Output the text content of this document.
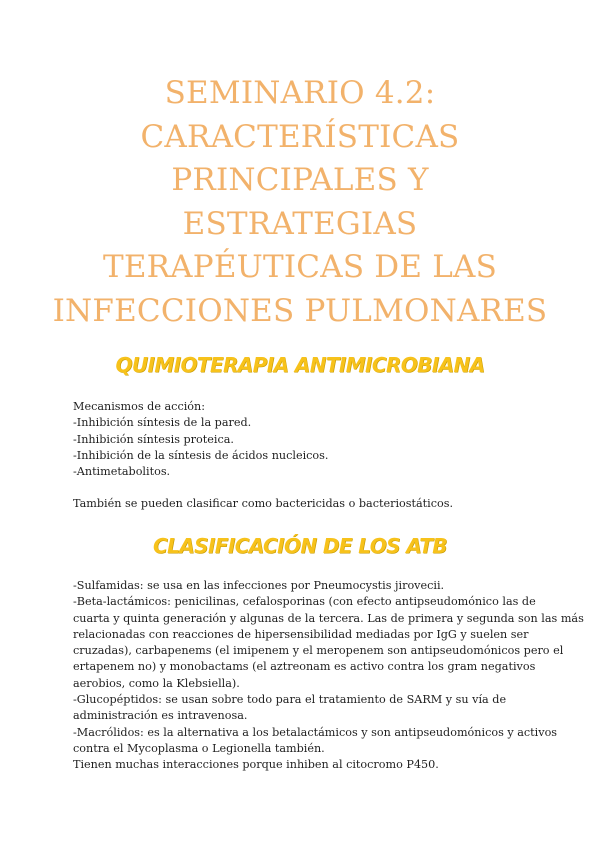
SEMINARIO 4.2:
CARACTERÍSTICAS
PRINCIPALES Y
ESTRATEGIAS
TERAPÉUTICAS DE LAS
INFECCIONES PULMONARES
QUIMIOTERAPIA ANTIMICROBIANA
Mecanismos de acción:
-Inhibición síntesis de la pared.
-Inhibición síntesis proteica.
-Inhibición de la síntesis de ácidos nucleicos.
-Antimetabolitos.

También se pueden clasificar como bactericidas o bacteriostáticos.

CLASIFICACIÓN DE LOS ATB
-Sulfamidas: se usa en las infecciones por Pneumocystis jirovecii.
-Beta-lactámicos: penicilinas, cefalosporinas (con efecto antipseudomónico las de
cuarta y quinta generación y algunas de la tercera. Las de primera y segunda son las más
relacionadas con reacciones de hipersensibilidad mediadas por IgG y suelen ser
cruzadas), carbapenems (el imipenem y el meropenem son antipseudomónicos pero el
ertapenem no) y monobactams (el aztreonam es activo contra los gram negativos
aerobios, como la Klebsiella).
-Glucopéptidos: se usan sobre todo para el tratamiento de SARM y su vía de
administración es intravenosa.
-Macrólidos: es la alternativa a los betalactámicos y son antipseudomónicos y activos
contra el Mycoplasma o Legionella también.
Tienen muchas interacciones porque inhiben al citocromo P450.
